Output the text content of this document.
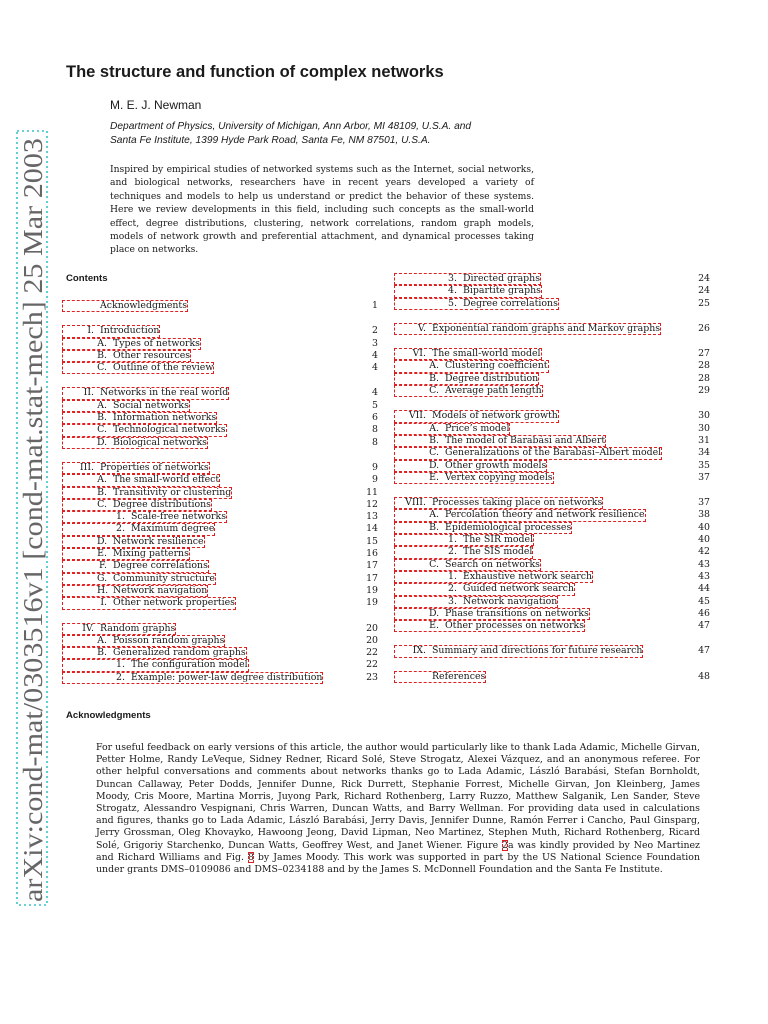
arXiv:cond-mat/0303516v1 [cond-mat.stat-mech] 25 Mar 2003
The structure and function of complex networks
M. E. J. Newman
Department of Physics, University of Michigan, Ann Arbor, MI 48109, U.S.A. and
Santa Fe Institute, 1399 Hyde Park Road, Santa Fe, NM 87501, U.S.A.

Inspired by empirical studies of networked systems such as the Internet, social networks, and biological networks, researchers have in recent years developed a variety of techniques and models to help us understand or predict the behavior of these systems. Here we review developments in this field, including such concepts as the small-world effect, degree distributions, clustering, network correlations, random graph models, models of network growth and preferential attachment, and dynamical processes taking place on networks.

Contents
Acknowledgments	1
I. Introduction	2
A. Types of networks	3
B. Other resources	4
C. Outline of the review	4
II. Networks in the real world	4
A. Social networks	5
B. Information networks	6
C. Technological networks	8
D. Biological networks	8
III. Properties of networks	9
A. The small-world effect	9
B. Transitivity or clustering	11
C. Degree distributions	12
1. Scale-free networks	13
2. Maximum degree	14
D. Network resilience	15
E. Mixing patterns	16
F. Degree correlations	17
G. Community structure	17
H. Network navigation	19
I. Other network properties	19
IV. Random graphs	20
A. Poisson random graphs	20
B. Generalized random graphs	22
1. The configuration model	22
2. Example: power-law degree distribution	23
3. Directed graphs	24
4. Bipartite graphs	24
5. Degree correlations	25
V. Exponential random graphs and Markov graphs	26
VI. The small-world model	27
A. Clustering coefficient	28
B. Degree distribution	28
C. Average path length	29
VII. Models of network growth	30
A. Price’s model	30
B. The model of Barabási and Albert	31
C. Generalizations of the Barabási–Albert model	34
D. Other growth models	35
E. Vertex copying models	37
VIII. Processes taking place on networks	37
A. Percolation theory and network resilience	38
B. Epidemiological processes	40
1. The SIR model	40
2. The SIS model	42
C. Search on networks	43
1. Exhaustive network search	43
2. Guided network search	44
3. Network navigation	45
D. Phase transitions on networks	46
E. Other processes on networks	47
IX. Summary and directions for future research	47
References	48
Acknowledgments

For useful feedback on early versions of this article, the author would particularly like to thank Lada Adamic, Michelle Girvan, Petter Holme, Randy LeVeque, Sidney Redner, Ricard Solé, Steve Strogatz, Alexei Vázquez, and an anonymous referee. For other helpful conversations and comments about networks thanks go to Lada Adamic, László Barabási, Stefan Bornholdt, Duncan Callaway, Peter Dodds, Jennifer Dunne, Rick Durrett, Stephanie Forrest, Michelle Girvan, Jon Kleinberg, James Moody, Cris Moore, Martina Morris, Juyong Park, Richard Rothenberg, Larry Ruzzo, Matthew Salganik, Len Sander, Steve Strogatz, Alessandro Vespignani, Chris Warren, Duncan Watts, and Barry Wellman. For providing data used in calculations and figures, thanks go to Lada Adamic, László Barabási, Jerry Davis, Jennifer Dunne, Ramón Ferrer i Cancho, Paul Ginsparg, Jerry Grossman, Oleg Khovayko, Hawoong Jeong, David Lipman, Neo Martinez, Stephen Muth, Richard Rothenberg, Ricard Solé, Grigoriy Starchenko, Duncan Watts, Geoffrey West, and Janet Wiener. Figure 2a was kindly provided by Neo Martinez and Richard Williams and Fig. 8 by James Moody. This work was supported in part by the US National Science Foundation under grants DMS–0109086 and DMS–0234188 and by the James S. McDonnell Foundation and the Santa Fe Institute.
